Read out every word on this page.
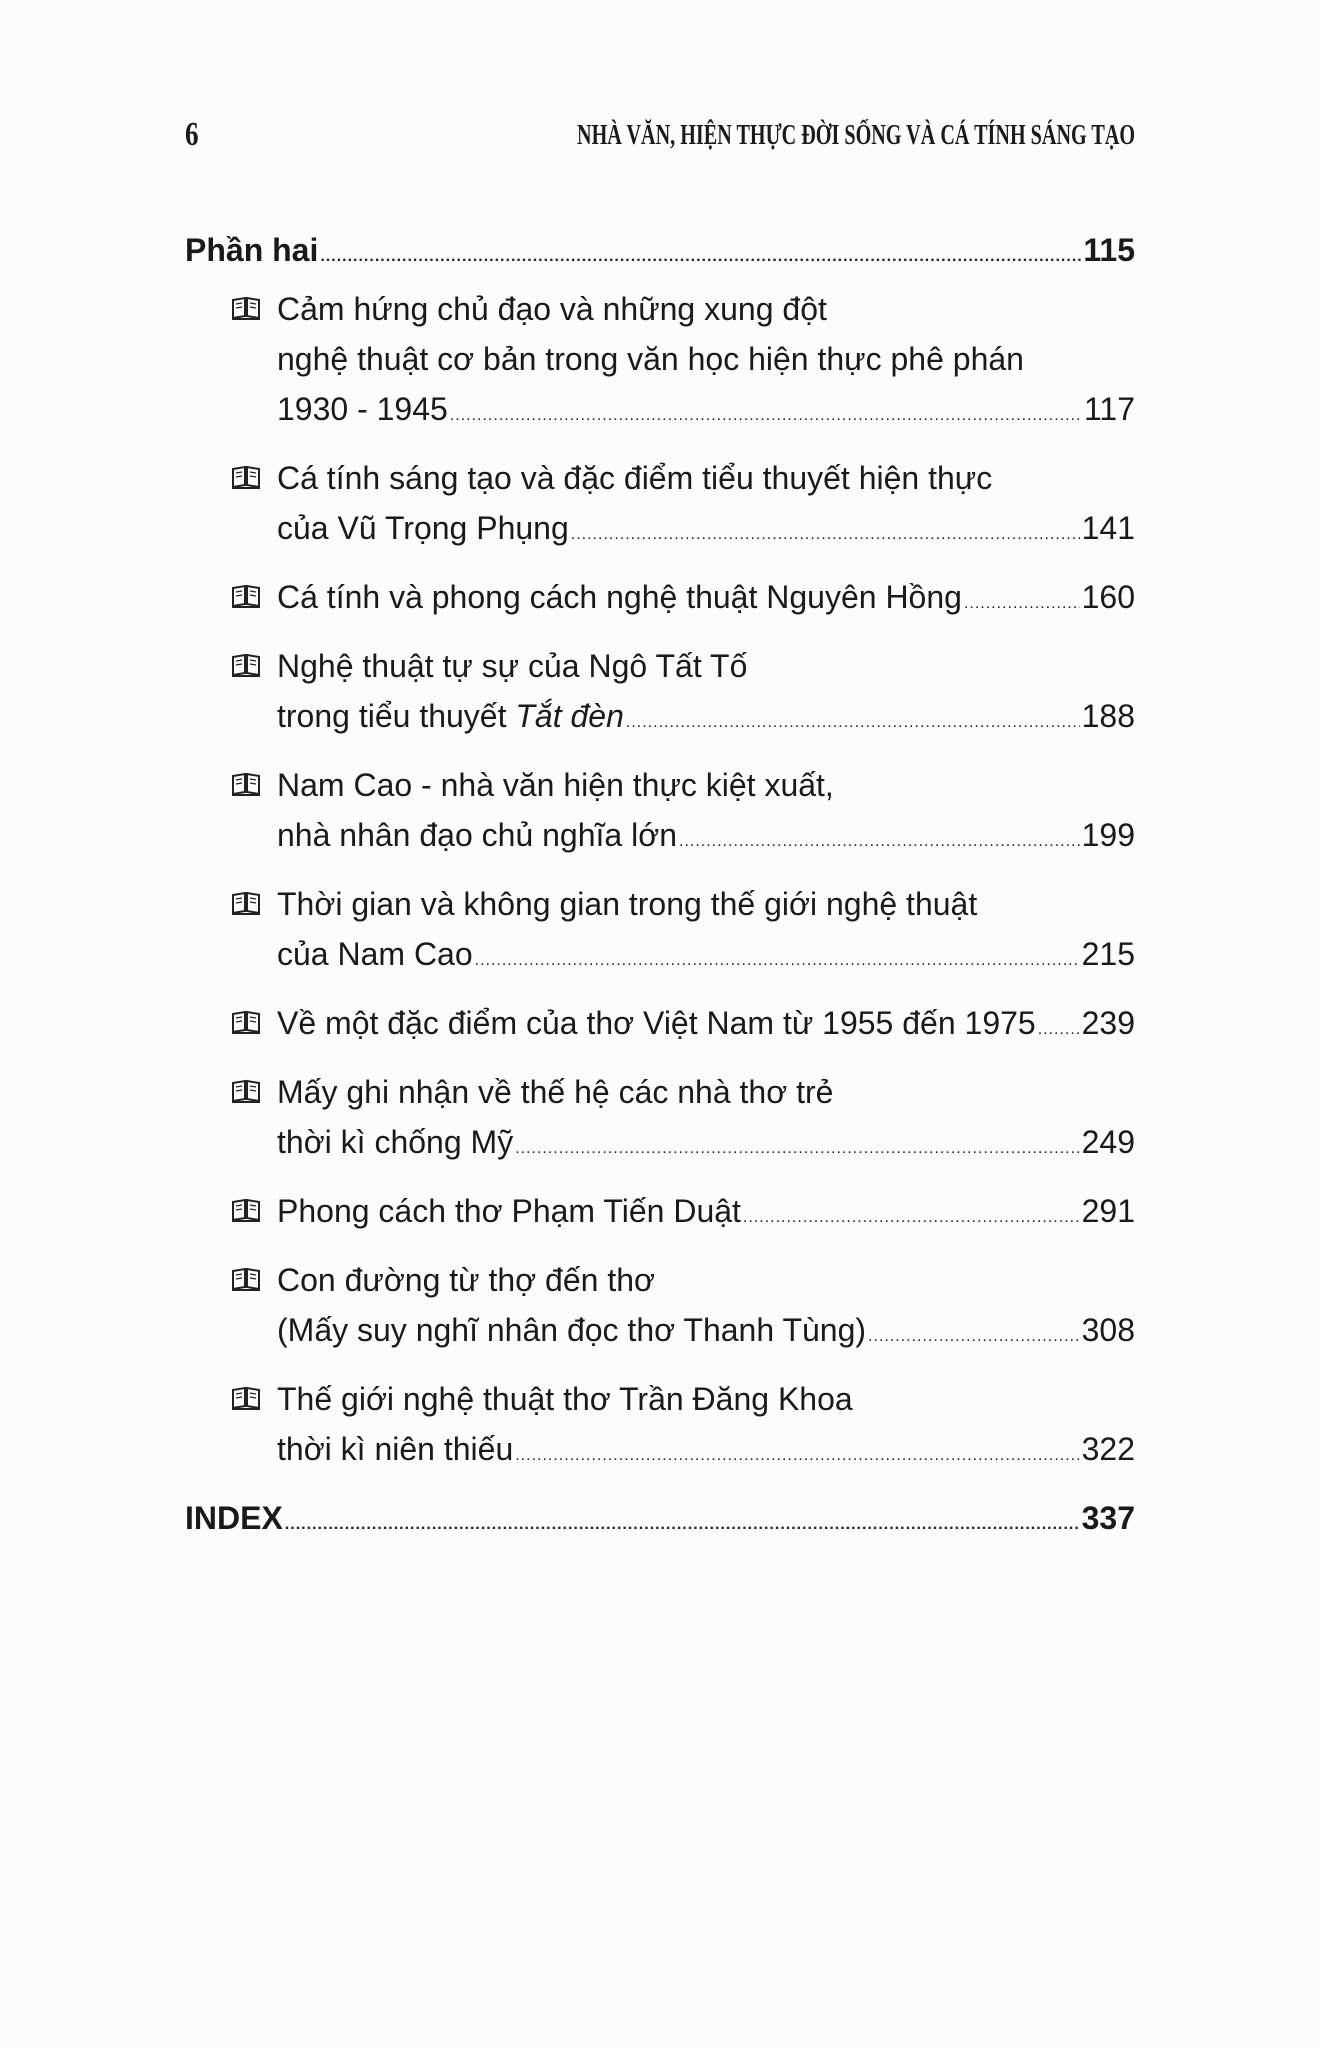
6	NHÀ VĂN, HIỆN THỰC ĐỜI SỐNG VÀ CÁ TÍNH SÁNG TẠO
Phần hai .....	115
Cảm hứng chủ đạo và những xung đột
nghệ thuật cơ bản trong văn học hiện thực phê phán
1930 - 1945 .....	117
Cá tính sáng tạo và đặc điểm tiểu thuyết hiện thực
của Vũ Trọng Phụng .....	141
Cá tính và phong cách nghệ thuật Nguyên Hồng .....	160
Nghệ thuật tự sự của Ngô Tất Tố
trong tiểu thuyết Tắt đèn .....	188
Nam Cao - nhà văn hiện thực kiệt xuất,
nhà nhân đạo chủ nghĩa lớn .....	199
Thời gian và không gian trong thế giới nghệ thuật
của Nam Cao .....	215
Về một đặc điểm của thơ Việt Nam từ 1955 đến 1975 ..... 239
Mấy ghi nhận về thế hệ các nhà thơ trẻ
thời kì chống Mỹ .....	249
Phong cách thơ Phạm Tiến Duật .....	291
Con đường từ thợ đến thơ
(Mấy suy nghĩ nhân đọc thơ Thanh Tùng) .....	308
Thế giới nghệ thuật thơ Trần Đăng Khoa
thời kì niên thiếu .....	322
INDEX .....	337
